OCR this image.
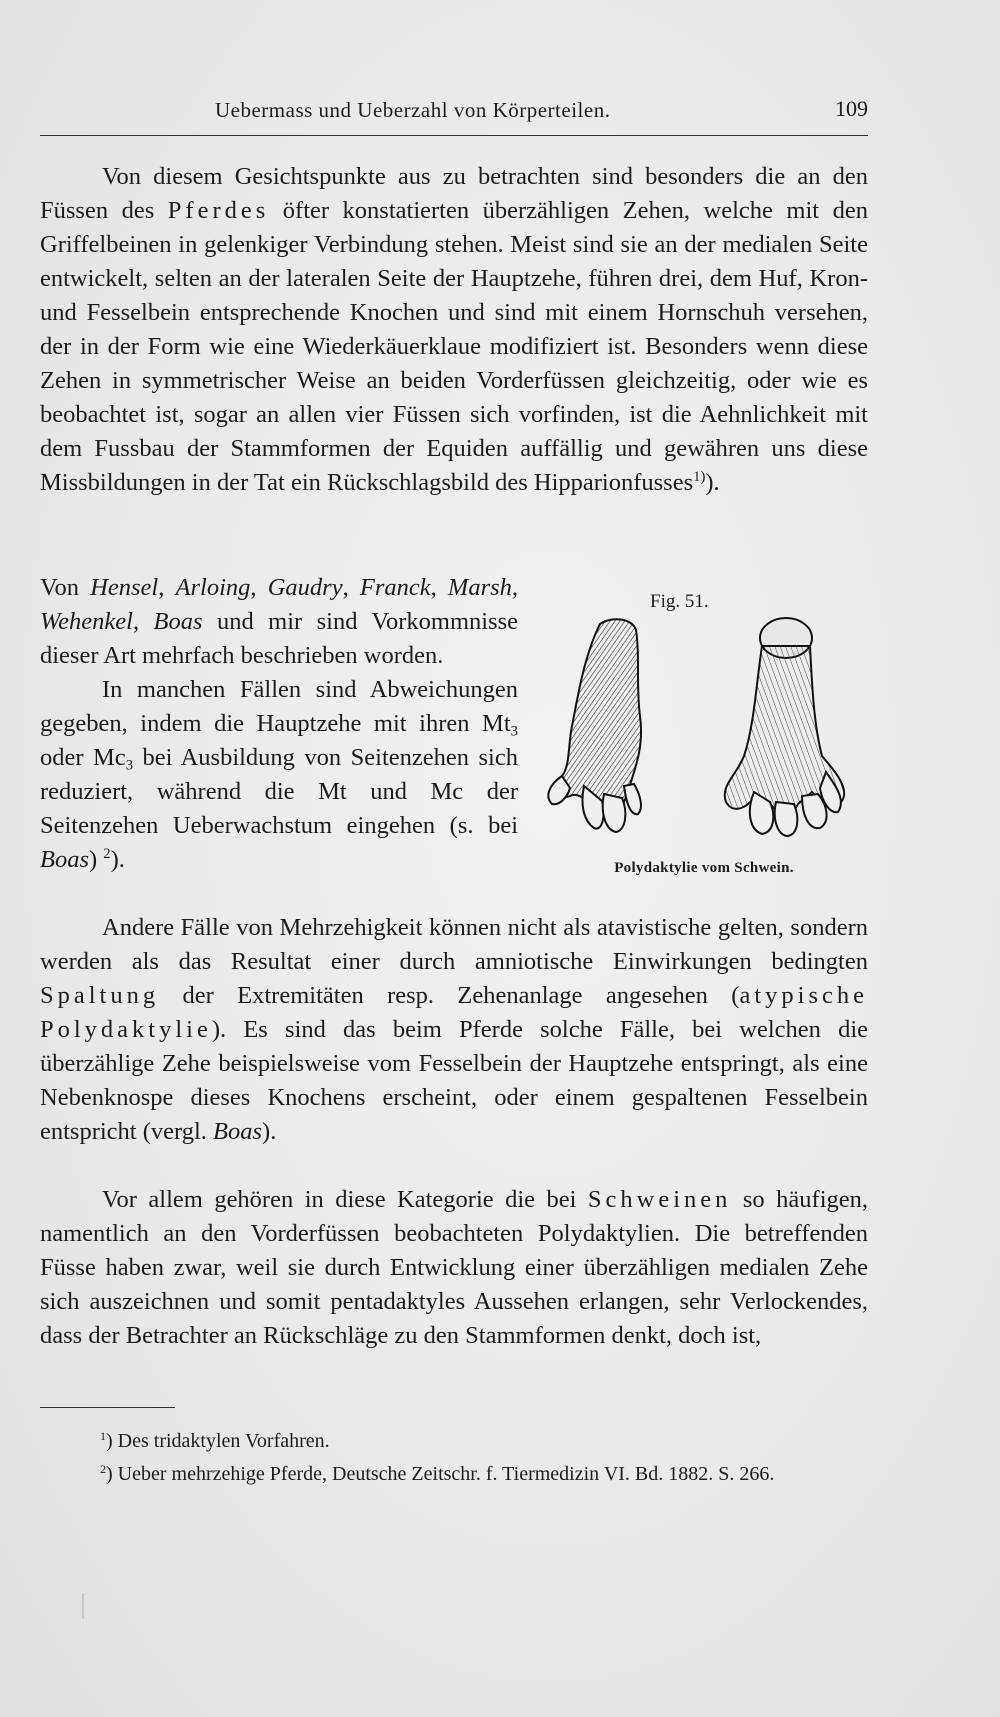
Uebermass und Ueberzahl von Körperteilen.	109

Von diesem Gesichtspunkte aus zu betrachten sind besonders die an den Füssen des Pferdes öfter konstatierten überzähligen Zehen, welche mit den Griffelbeinen in gelenkiger Verbindung stehen. Meist sind sie an der medialen Seite entwickelt, selten an der lateralen Seite der Hauptzehe, führen drei, dem Huf, Kron- und Fesselbein entsprechende Knochen und sind mit einem Hornschuh versehen, der in der Form wie eine Wiederkäuerklaue modifiziert ist. Besonders wenn diese Zehen in symmetrischer Weise an beiden Vorderfüssen gleichzeitig, oder wie es beobachtet ist, sogar an allen vier Füssen sich vorfinden, ist die Aehnlichkeit mit dem Fussbau der Stammformen der Equiden auffällig und gewähren uns diese Missbildungen in der Tat ein Rückschlagsbild des Hipparionfusses$^{1)}$).

Von Hensel, Arloing, Gaudry, Franck, Marsh, Wehenkel, Boas und mir sind Vorkommnisse dieser Art mehrfach beschrieben worden.

In manchen Fällen sind Abweichungen gegeben, indem die Hauptzehe mit ihren $Mt_3$ oder $Mc_3$ bei Ausbildung von Seitenzehen sich reduziert, während die Mt und Mc der Seitenzehen Ueberwachstum eingehen (s. bei Boas) $^2$).

Fig. 51.
Polydaktylie vom Schwein.

Andere Fälle von Mehrzehigkeit können nicht als atavistische gelten, sondern werden als das Resultat einer durch amniotische Einwirkungen bedingten Spaltung der Extremitäten resp. Zehenanlage angesehen (atypische Polydaktylie). Es sind das beim Pferde solche Fälle, bei welchen die überzählige Zehe beispielsweise vom Fesselbein der Hauptzehe entspringt, als eine Nebenknospe dieses Knochens erscheint, oder einem gespaltenen Fesselbein entspricht (vergl. Boas).

Vor allem gehören in diese Kategorie die bei Schweinen so häufigen, namentlich an den Vorderfüssen beobachteten Polydaktylien. Die betreffenden Füsse haben zwar, weil sie durch Entwicklung einer überzähligen medialen Zehe sich auszeichnen und somit pentadaktyles Aussehen erlangen, sehr Verlockendes, dass der Betrachter an Rückschläge zu den Stammformen denkt, doch ist,

$^1$) Des tridaktylen Vorfahren.

$^2$) Ueber mehrzehige Pferde, Deutsche Zeitschr. f. Tiermedizin VI. Bd. 1882. S. 266.
